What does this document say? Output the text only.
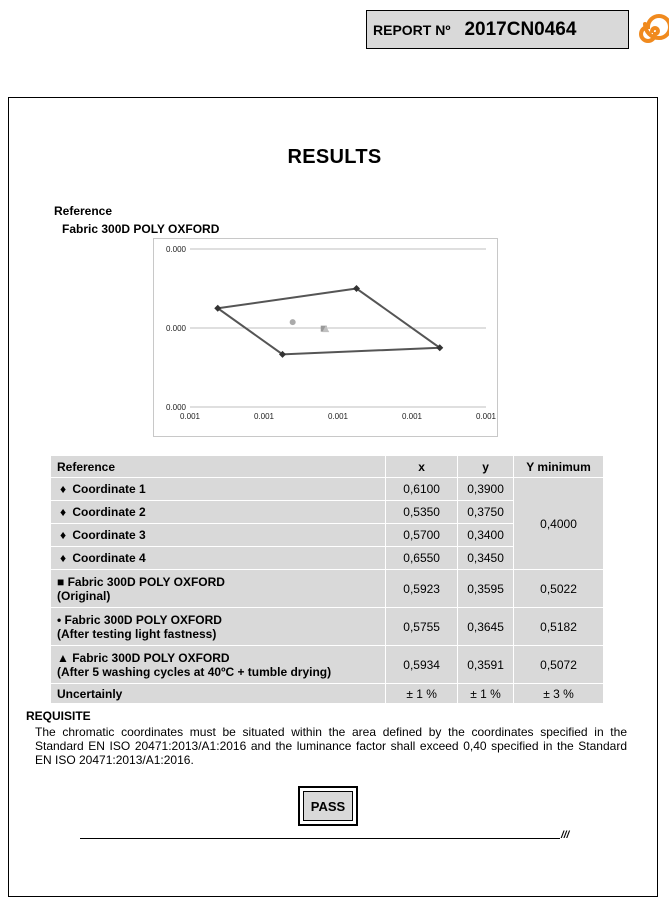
REPORT Nº 2017CN0464
RESULTS
Reference
Fabric 300D POLY OXFORD
0.000
0.000
0.000
0.001	0.001	0.001	0.001	0.001
Reference	x	y	Y minimum
♦ Coordinate 1	0,6100	0,3900	0,4000
♦ Coordinate 2	0,5350	0,3750	
♦ Coordinate 3	0,5700	0,3400	
♦ Coordinate 4	0,6550	0,3450	

■ Fabric 300D POLY OXFORD
(Original)	0,5923	0,3595	0,5022

• Fabric 300D POLY OXFORD
(After testing light fastness)	0,5755	0,3645	0,5182

▲ Fabric 300D POLY OXFORD
(After 5 washing cycles at 40ºC + tumble drying)	0,5934	0,3591	0,5072
Uncertainly	± 1 %	± 1 %	± 3 %
REQUISITE
The chromatic coordinates must be situated within the area defined by the coordinates specified in the Standard EN ISO 20471:2013/A1:2016 and the luminance factor shall exceed 0,40 specified in the Standard EN ISO 20471:2013/A1:2016.
PASS
///
